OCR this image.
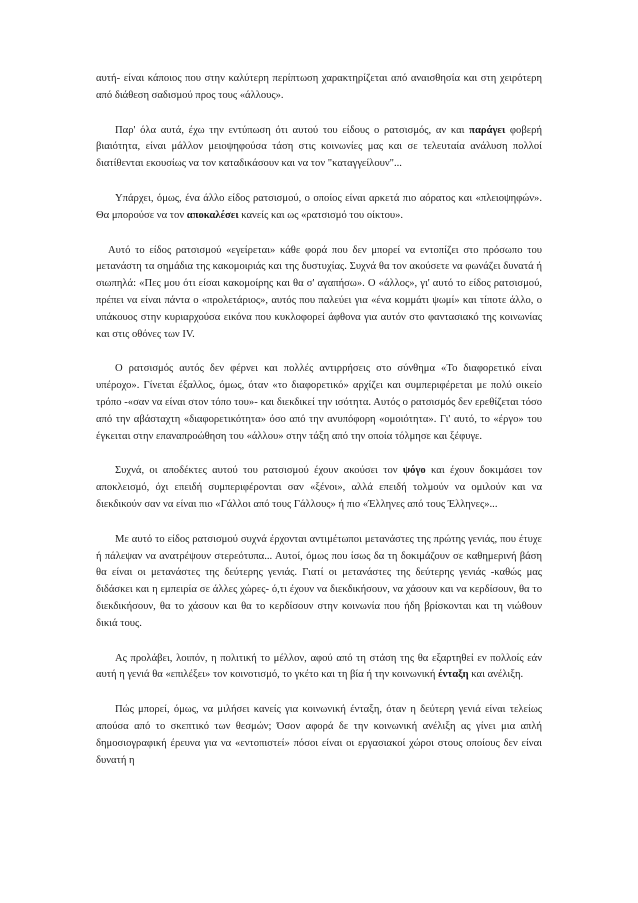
αυτή- είναι κάποιος που στην καλύτερη περίπτωση χαρακτηρίζεται από αναισθησία και στη χειρότερη από διάθεση σαδισμού προς τους «άλλους».

Παρ' όλα αυτά, έχω την εντύπωση ότι αυτού του είδους ο ρατσισμός, αν και παράγει φοβερή βιαιότητα, είναι μάλλον μειοψηφούσα τάση στις κοινωνίες μας και σε τελευταία ανάλυση πολλοί διατίθενται εκουσίως να τον καταδικάσουν και να τον "καταγγείλουν"...

Υπάρχει, όμως, ένα άλλο είδος ρατσισμού, ο οποίος είναι αρκετά πιο αόρατος και «πλειοψηφών». Θα μπορούσε να τον αποκαλέσει κανείς και ως «ρατσισμό του οίκτου».

Αυτό το είδος ρατσισμού «εγείρεται» κάθε φορά που δεν μπορεί να εντοπίζει στο πρόσωπο του μετανάστη τα σημάδια της κακομοιριάς και της δυστυχίας. Συχνά θα τον ακούσετε να φωνάζει δυνατά ή σιωπηλά: «Πες μου ότι είσαι κακομοίρης και θα σ' αγαπήσω». Ο «άλλος», γι' αυτό το είδος ρατσισμού, πρέπει να είναι πάντα ο «προλετάριος», αυτός που παλεύει για «ένα κομμάτι ψωμί» και τίποτε άλλο, ο υπάκουος στην κυριαρχούσα εικόνα που κυκλοφορεί άφθονα για αυτόν στο φαντασιακό της κοινωνίας και στις οθόνες των IV.

Ο ρατσισμός αυτός δεν φέρνει και πολλές αντιρρήσεις στο σύνθημα «Το διαφορετικό είναι υπέροχο». Γίνεται έξαλλος, όμως, όταν «το διαφορετικό» αρχίζει και συμπεριφέρεται με πολύ οικείο τρόπο -«σαν να είναι στον τόπο του»- και διεκδικεί την ισότητα. Αυτός ο ρατσισμός δεν ερεθίζεται τόσο από την αβάσταχτη «διαφορετικότητα» όσο από την ανυπόφορη «ομοιότητα». Γι' αυτό, το «έργο» του έγκειται στην επαναπροώθηση του «άλλου» στην τάξη από την οποία τόλμησε και ξέφυγε.

Συχνά, οι αποδέκτες αυτού του ρατσισμού έχουν ακούσει τον ψόγο και έχουν δοκιμάσει τον αποκλεισμό, όχι επειδή συμπεριφέρονται σαν «ξένοι», αλλά επειδή τολμούν να ομιλούν και να διεκδικούν σαν να είναι πιο «Γάλλοι από τους Γάλλους» ή πιο «Έλληνες από τους Έλληνες»...

Με αυτό το είδος ρατσισμού συχνά έρχονται αντιμέτωποι μετανάστες της πρώτης γενιάς, που έτυχε ή πάλεψαν να ανατρέψουν στερεότυπα... Αυτοί, όμως που ίσως δα τη δοκιμάζουν σε καθημερινή βάση θα είναι οι μετανάστες της δεύτερης γενιάς. Γιατί οι μετανάστες της δεύτερης γενιάς -καθώς μας διδάσκει και η εμπειρία σε άλλες χώρες- ό,τι έχουν να διεκδικήσουν, να χάσουν και να κερδίσουν, θα το διεκδικήσουν, θα το χάσουν και θα το κερδίσουν στην κοινωνία που ήδη βρίσκονται και τη νιώθουν δικιά τους.

Ας προλάβει, λοιπόν, η πολιτική το μέλλον, αφού από τη στάση της θα εξαρτηθεί εν πολλοίς εάν αυτή η γενιά θα «επιλέξει» τον κοινοτισμό, το γκέτο και τη βία ή την κοινωνική ένταξη και ανέλιξη.

Πώς μπορεί, όμως, να μιλήσει κανείς για κοινωνική ένταξη, όταν η δεύτερη γενιά είναι τελείως απούσα από το σκεπτικό των θεσμών; Όσον αφορά δε την κοινωνική ανέλιξη ας γίνει μια απλή δημοσιογραφική έρευνα για να «εντοπιστεί» πόσοι είναι οι εργασιακοί χώροι στους οποίους δεν είναι δυνατή η
